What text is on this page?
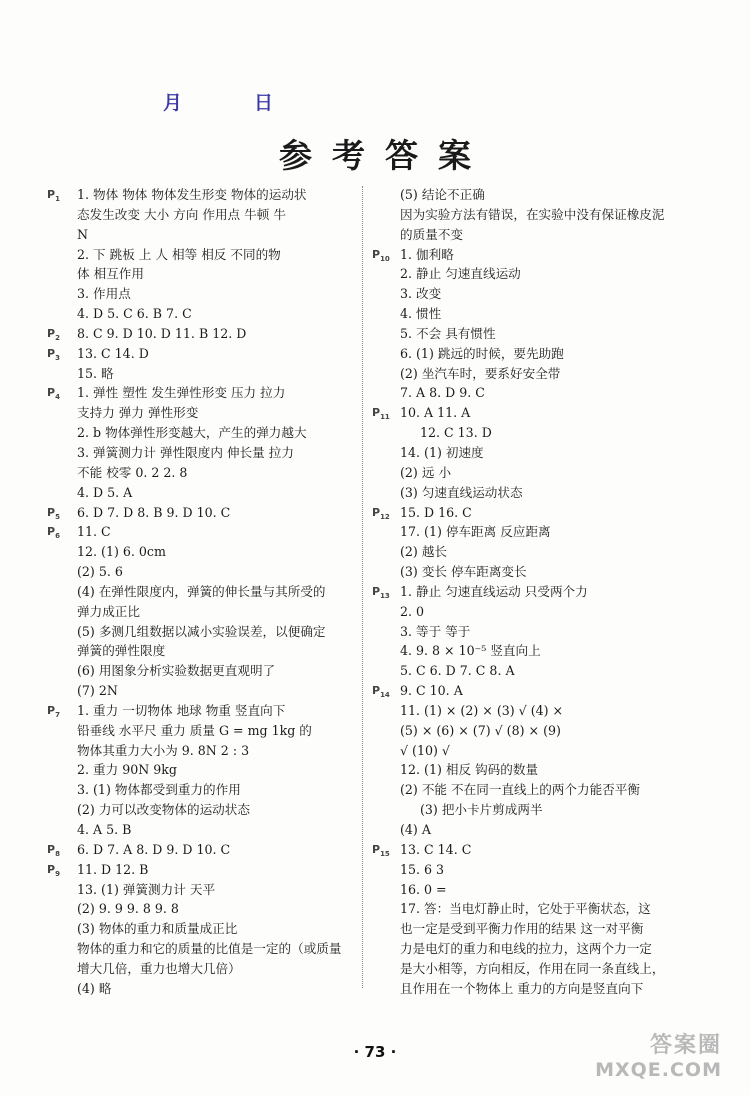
月	日
参考答案
$P_1$ 1. 物体 物体 物体发生形变 物体的运动状
态发生改变 大小 方向 作用点 牛顿 牛
N
2. 下 跳板 上 人 相等 相反 不同的物
体 相互作用
3. 作用点
4. D 5. C 6. B 7. C
$P_2$ 8. C 9. D 10. D 11. B 12. D
$P_3$ 13. C 14. D
15. 略
$P_4$ 1. 弹性 塑性 发生弹性形变 压力 拉力
支持力 弹力 弹性形变
2. b 物体弹性形变越大，产生的弹力越大
3. 弹簧测力计 弹性限度内 伸长量 拉力
不能 校零 0. 2 2. 8
4. D 5. A
$P_5$ 6. D 7. D 8. B 9. D 10. C
$P_6$ 11. C
12. (1) 6. 0cm
(2) 5. 6
(4) 在弹性限度内，弹簧的伸长量与其所受的
弹力成正比
(5) 多测几组数据以减小实验误差，以便确定
弹簧的弹性限度
(6) 用图象分析实验数据更直观明了
(7) 2N
$P_7$ 1. 重力 一切物体 地球 物重 竖直向下
铅垂线 水平尺 重力 质量 G = mg 1kg 的
物体其重力大小为 9. 8N 2 : 3
2. 重力 90N 9kg
3. (1) 物体都受到重力的作用
(2) 力可以改变物体的运动状态
4. A 5. B
$P_8$ 6. D 7. A 8. D 9. D 10. C
$P_9$ 11. D 12. B
13. (1) 弹簧测力计 天平
(2) 9. 9 9. 8 9. 8
(3) 物体的重力和质量成正比
物体的重力和它的质量的比值是一定的（或质量
增大几倍，重力也增大几倍）
(4) 略
(5) 结论不正确
因为实验方法有错误，在实验中没有保证橡皮泥
的质量不变
$P_{10}$ 1. 伽利略
2. 静止 匀速直线运动
3. 改变
4. 惯性
5. 不会 具有惯性
6. (1) 跳远的时候，要先助跑
(2) 坐汽车时，要系好安全带
7. A 8. D 9. C
$P_{11}$ 10. A 11. A
12. C 13. D
14. (1) 初速度
(2) 远 小
(3) 匀速直线运动状态
$P_{12}$ 15. D 16. C
17. (1) 停车距离 反应距离
(2) 越长
(3) 变长 停车距离变长
$P_{13}$ 1. 静止 匀速直线运动 只受两个力
2. 0
3. 等于 等于
4. 9. 8 × 10⁻⁵ 竖直向上
5. C 6. D 7. C 8. A
$P_{14}$ 9. C 10. A
11. (1) × (2) × (3) √ (4) ×
(5) × (6) × (7) √ (8) × (9)
√ (10) √
12. (1) 相反 钩码的数量
(2) 不能 不在同一直线上的两个力能否平衡
(3) 把小卡片剪成两半
(4) A
$P_{15}$ 13. C 14. C
15. 6 3
16. 0 =
17. 答：当电灯静止时，它处于平衡状态，这
也一定是受到平衡力作用的结果 这一对平衡
力是电灯的重力和电线的拉力，这两个力一定
是大小相等，方向相反，作用在同一条直线上，
且作用在一个物体上 重力的方向是竖直向下
· 73 ·	答案圈
MXQE.COM
